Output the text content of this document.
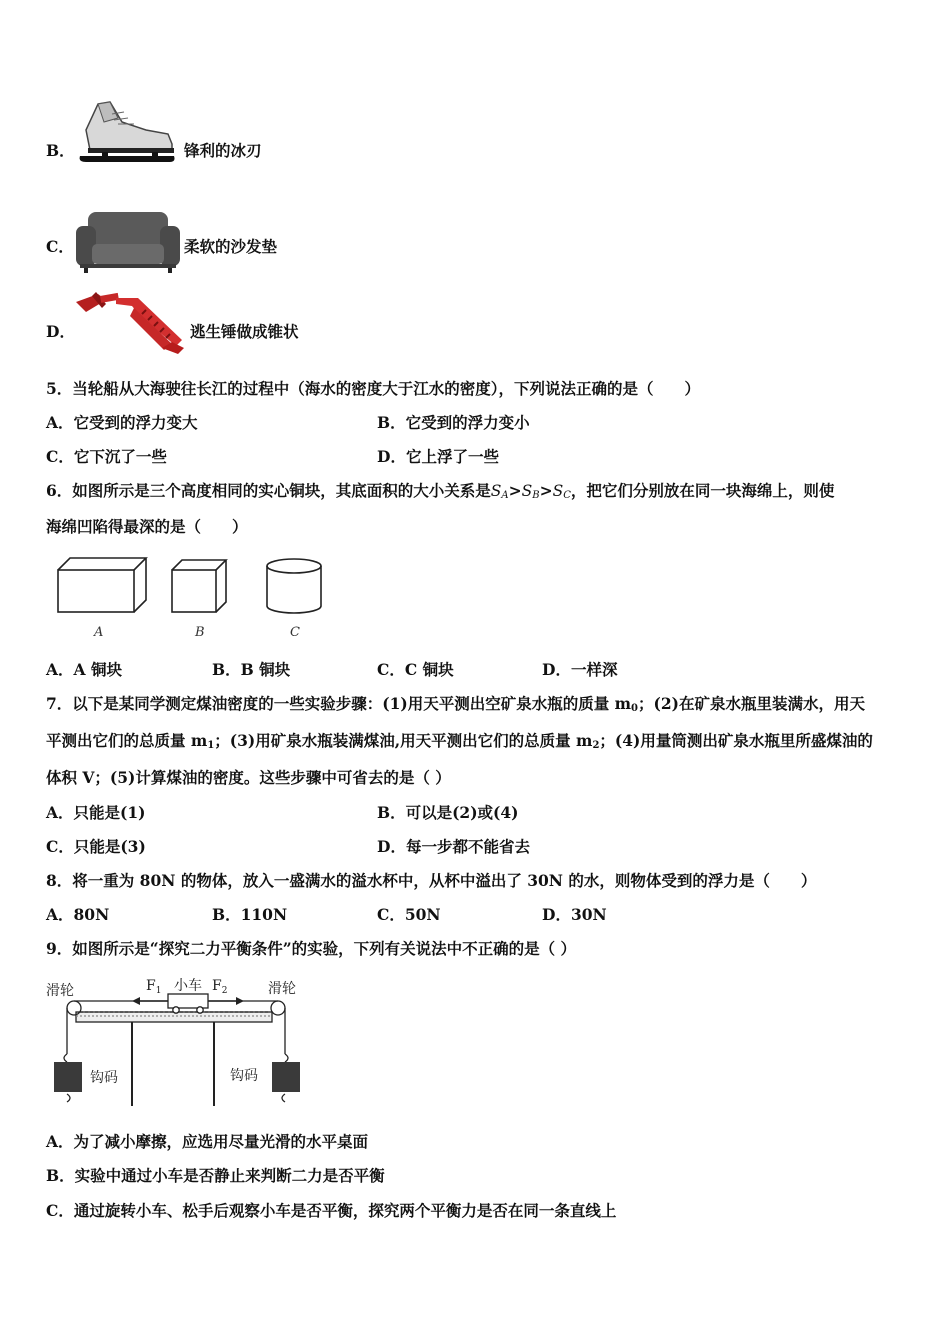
B．	锋利的冰刃
C．	柔软的沙发垫
D．	逃生锤做成锥状
5．当轮船从大海驶往长江的过程中（海水的密度大于江水的密度），下列说法正确的是（　　）
A．它受到的浮力变大	B．它受到的浮力变小
C．它下沉了一些	D．它上浮了一些
6．如图所示是三个高度相同的实心铜块，其底面积的大小关系是$S_A>S_B>S_C$，把它们分别放在同一块海绵上，则使
海绵凹陷得最深的是（　　）
A	B	C
A．A 铜块	B．B 铜块	C．C 铜块	D．一样深
7．以下是某同学测定煤油密度的一些实验步骤：(1)用天平测出空矿泉水瓶的质量 $m_0$；(2)在矿泉水瓶里装满水，用天
平测出它们的总质量 $m_1$；(3)用矿泉水瓶装满煤油,用天平测出它们的总质量 $m_2$；(4)用量筒测出矿泉水瓶里所盛煤油的
体积 V；(5)计算煤油的密度。这些步骤中可省去的是（ ）
A．只能是(1)	B．可以是(2)或(4)
C．只能是(3)	D．每一步都不能省去
8．将一重为 80N 的物体，放入一盛满水的溢水杯中，从杯中溢出了 30N 的水，则物体受到的浮力是（　　）
A．80N	B．110N	C．50N	D．30N
9．如图所示是“探究二力平衡条件”的实验，下列有关说法中不正确的是（ ）
滑轮	滑轮
小车
$F_1$	$F_2$
钩码	钩码
A．为了减小摩擦，应选用尽量光滑的水平桌面
B．实验中通过小车是否静止来判断二力是否平衡
C．通过旋转小车、松手后观察小车是否平衡，探究两个平衡力是否在同一条直线上
